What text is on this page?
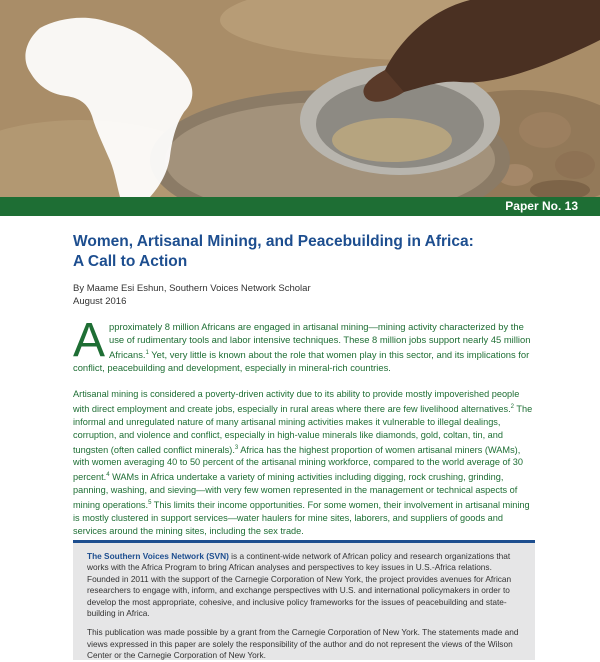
Paper No. 13
Women, Artisanal Mining, and Peacebuilding in Africa:
A Call to Action
By Maame Esi Eshun, Southern Voices Network Scholar
August 2016
Approximately 8 million Africans are engaged in artisanal mining—mining activity characterized by the use of rudimentary tools and labor intensive techniques. These 8 million jobs support nearly 45 million Africans.$^1$ Yet, very little is known about the role that women play in this sector, and its implications for conflict, peacebuilding and development, especially in mineral-rich countries.
Artisanal mining is considered a poverty-driven activity due to its ability to provide mostly impoverished people with direct employment and create jobs, especially in rural areas where there are few livelihood alternatives.$^2$ The informal and unregulated nature of many artisanal mining activities makes it vulnerable to illegal dealings, corruption, and violence and conflict, especially in high-value minerals like diamonds, gold, coltan, tin, and tungsten (often called conflict minerals).$^3$ Africa has the highest proportion of women artisanal miners (WAMs), with women averaging 40 to 50 percent of the artisanal mining workforce, compared to the world average of 30 percent.$^4$ WAMs in Africa undertake a variety of mining activities including digging, rock crushing, grinding, panning, washing, and sieving—with very few women represented in the management or technical aspects of mining operations.$^5$ This limits their income opportunities. For some women, their involvement in artisanal mining is mostly clustered in support services—water haulers for mine sites, laborers, and suppliers of goods and services around the mining sites, including the sex trade.

The Southern Voices Network (SVN) is a continent-wide network of African policy and research organizations that works with the Africa Program to bring African analyses and perspectives to key issues in U.S.-Africa relations. Founded in 2011 with the support of the Carnegie Corporation of New York, the project provides avenues for African researchers to engage with, inform, and exchange perspectives with U.S. and international policymakers in order to develop the most appropriate, cohesive, and inclusive policy frameworks for the issues of peacebuilding and state-building in Africa.

This publication was made possible by a grant from the Carnegie Corporation of New York. The statements made and views expressed in this paper are solely the responsibility of the author and do not represent the views of the Wilson Center or the Carnegie Corporation of New York.
